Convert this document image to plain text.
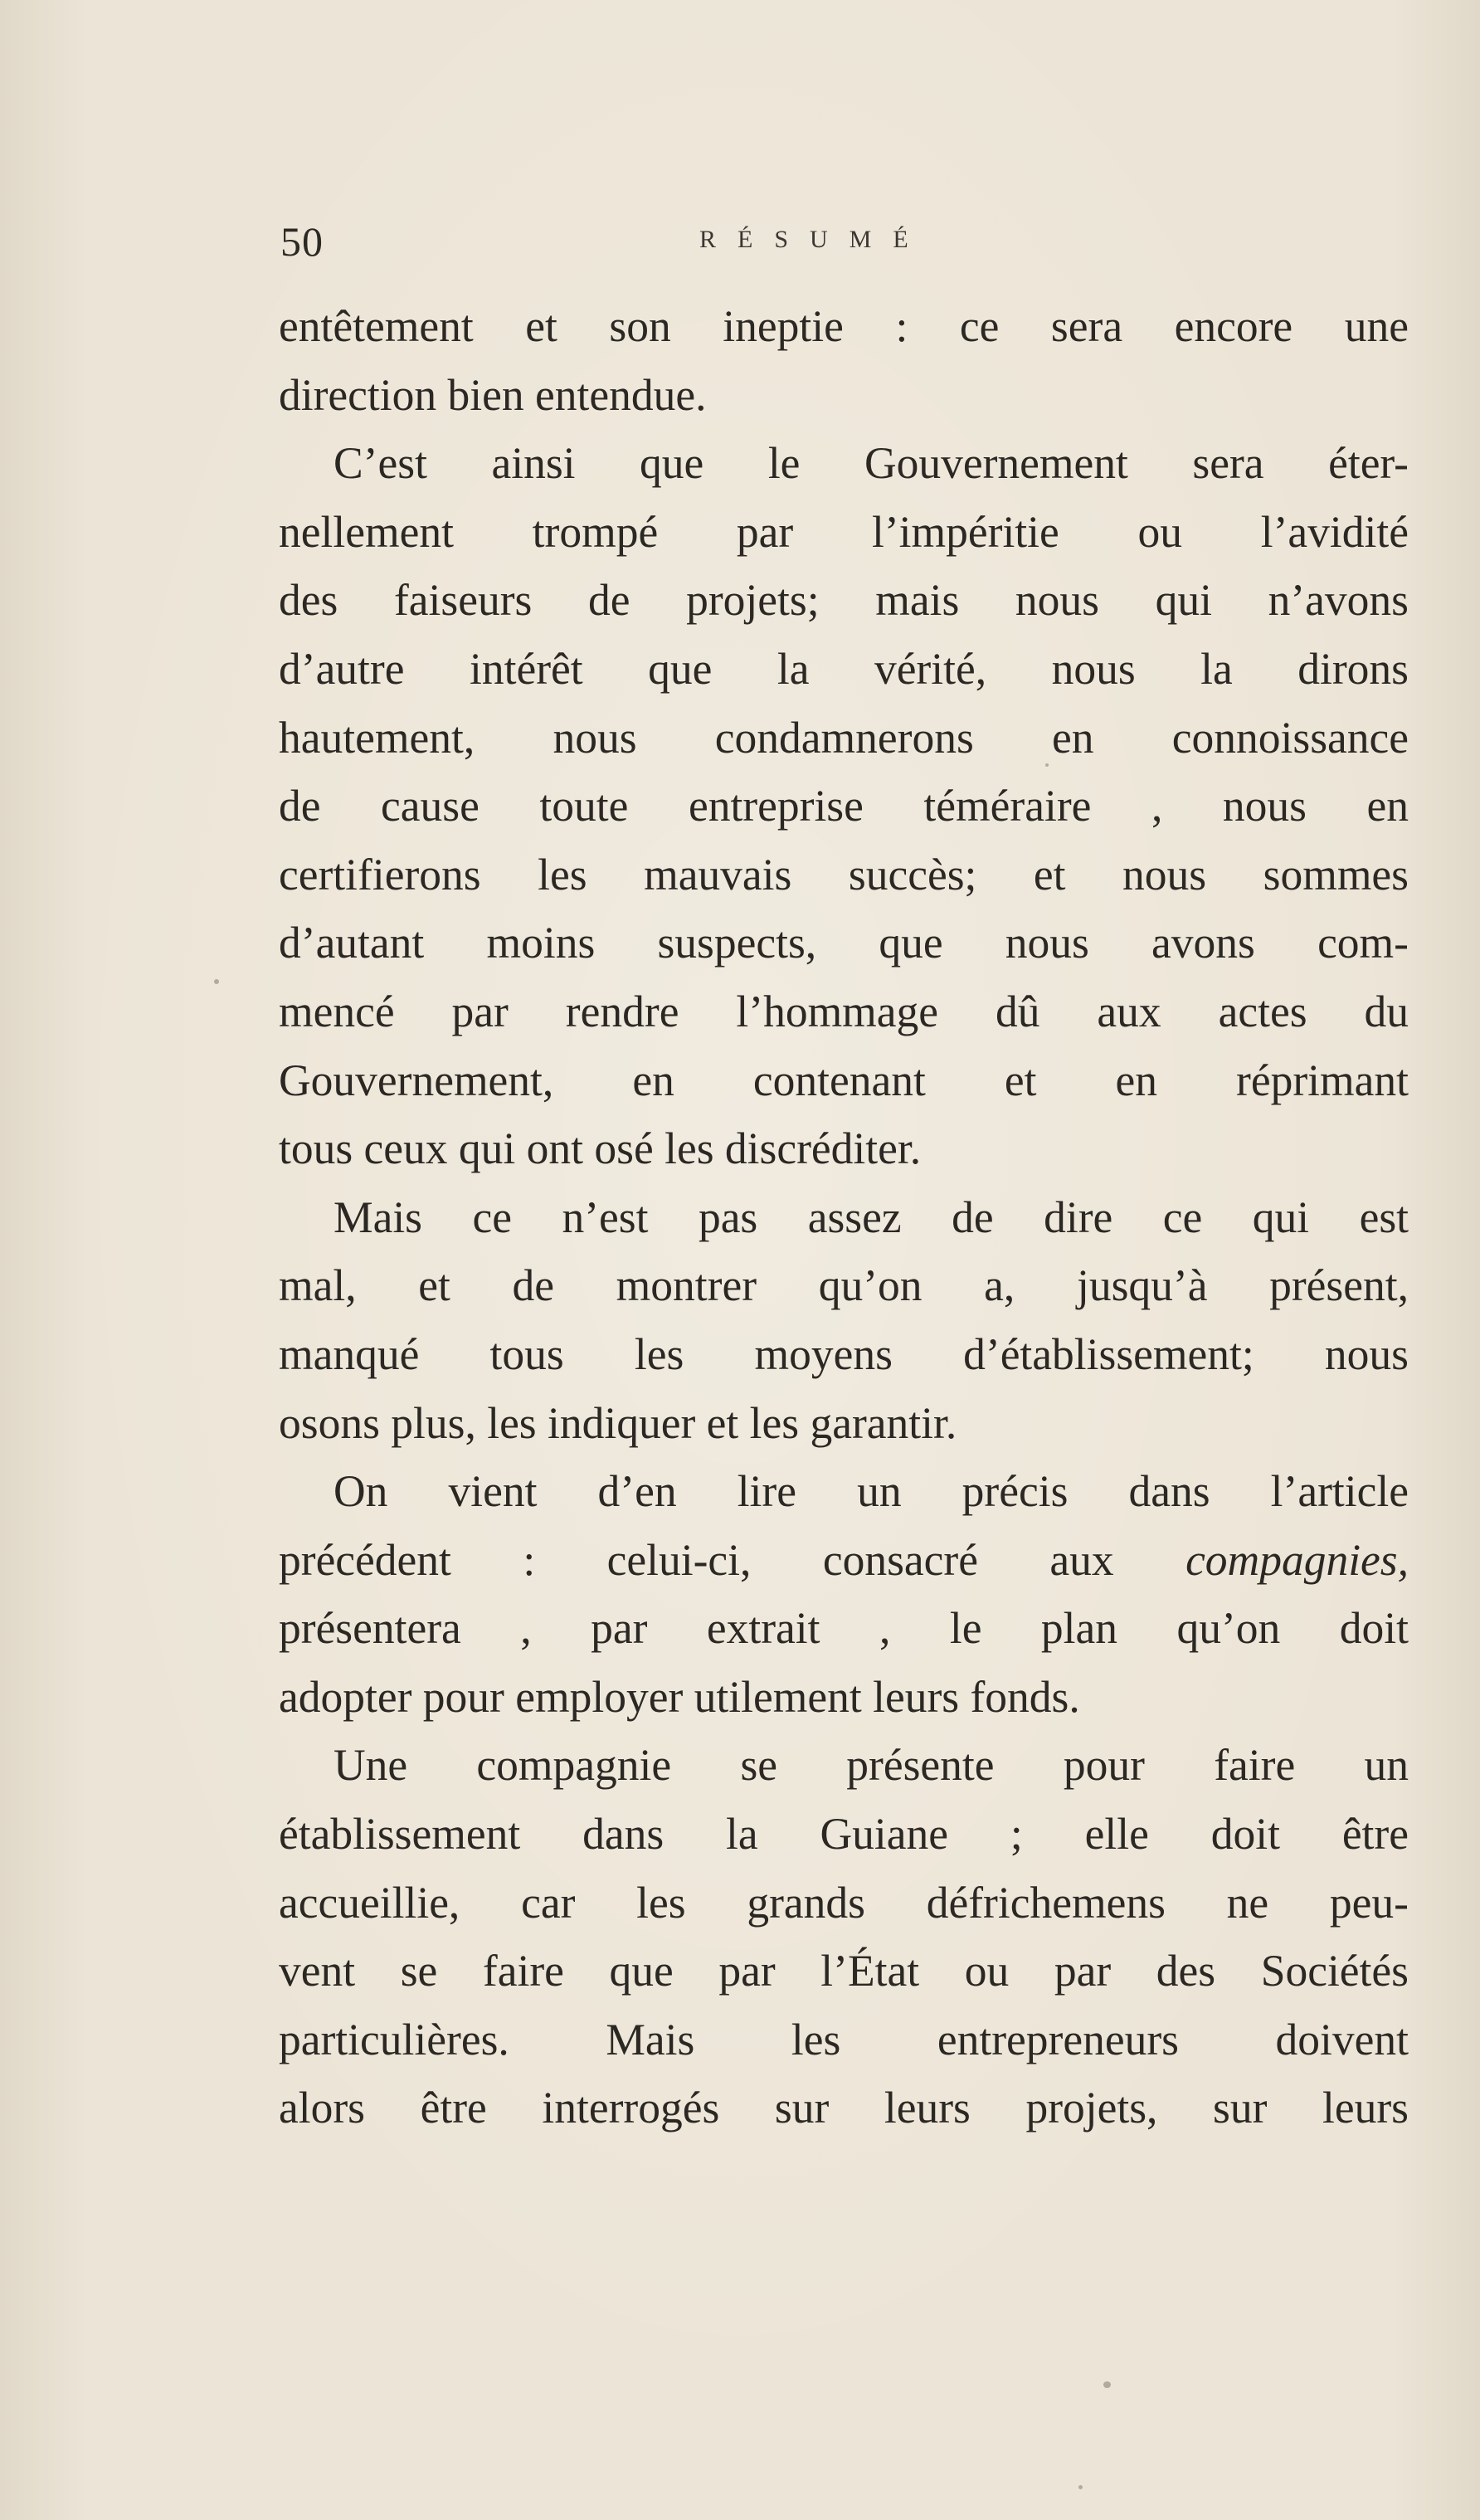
50	RÉSUMÉ
entêtement et son ineptie : ce sera encore une
direction bien entendue.
C’est ainsi que le Gouvernement sera éter-
nellement trompé par l’impéritie ou l’avidité
des faiseurs de projets; mais nous qui n’avons
d’autre intérêt que la vérité, nous la dirons
hautement, nous condamnerons en connoissance
de cause toute entreprise téméraire , nous en
certifierons les mauvais succès; et nous sommes
d’autant moins suspects, que nous avons com-
mencé par rendre l’hommage dû aux actes du
Gouvernement, en contenant et en réprimant
tous ceux qui ont osé les discréditer.
Mais ce n’est pas assez de dire ce qui est
mal, et de montrer qu’on a, jusqu’à présent,
manqué tous les moyens d’établissement; nous
osons plus, les indiquer et les garantir.
On vient d’en lire un précis dans l’article
précédent : celui-ci, consacré aux compagnies,
présentera , par extrait , le plan qu’on doit
adopter pour employer utilement leurs fonds.
Une compagnie se présente pour faire un
établissement dans la Guiane ; elle doit être
accueillie, car les grands défrichemens ne peu-
vent se faire que par l’État ou par des Sociétés
particulières. Mais les entrepreneurs doivent
alors être interrogés sur leurs projets, sur leurs
